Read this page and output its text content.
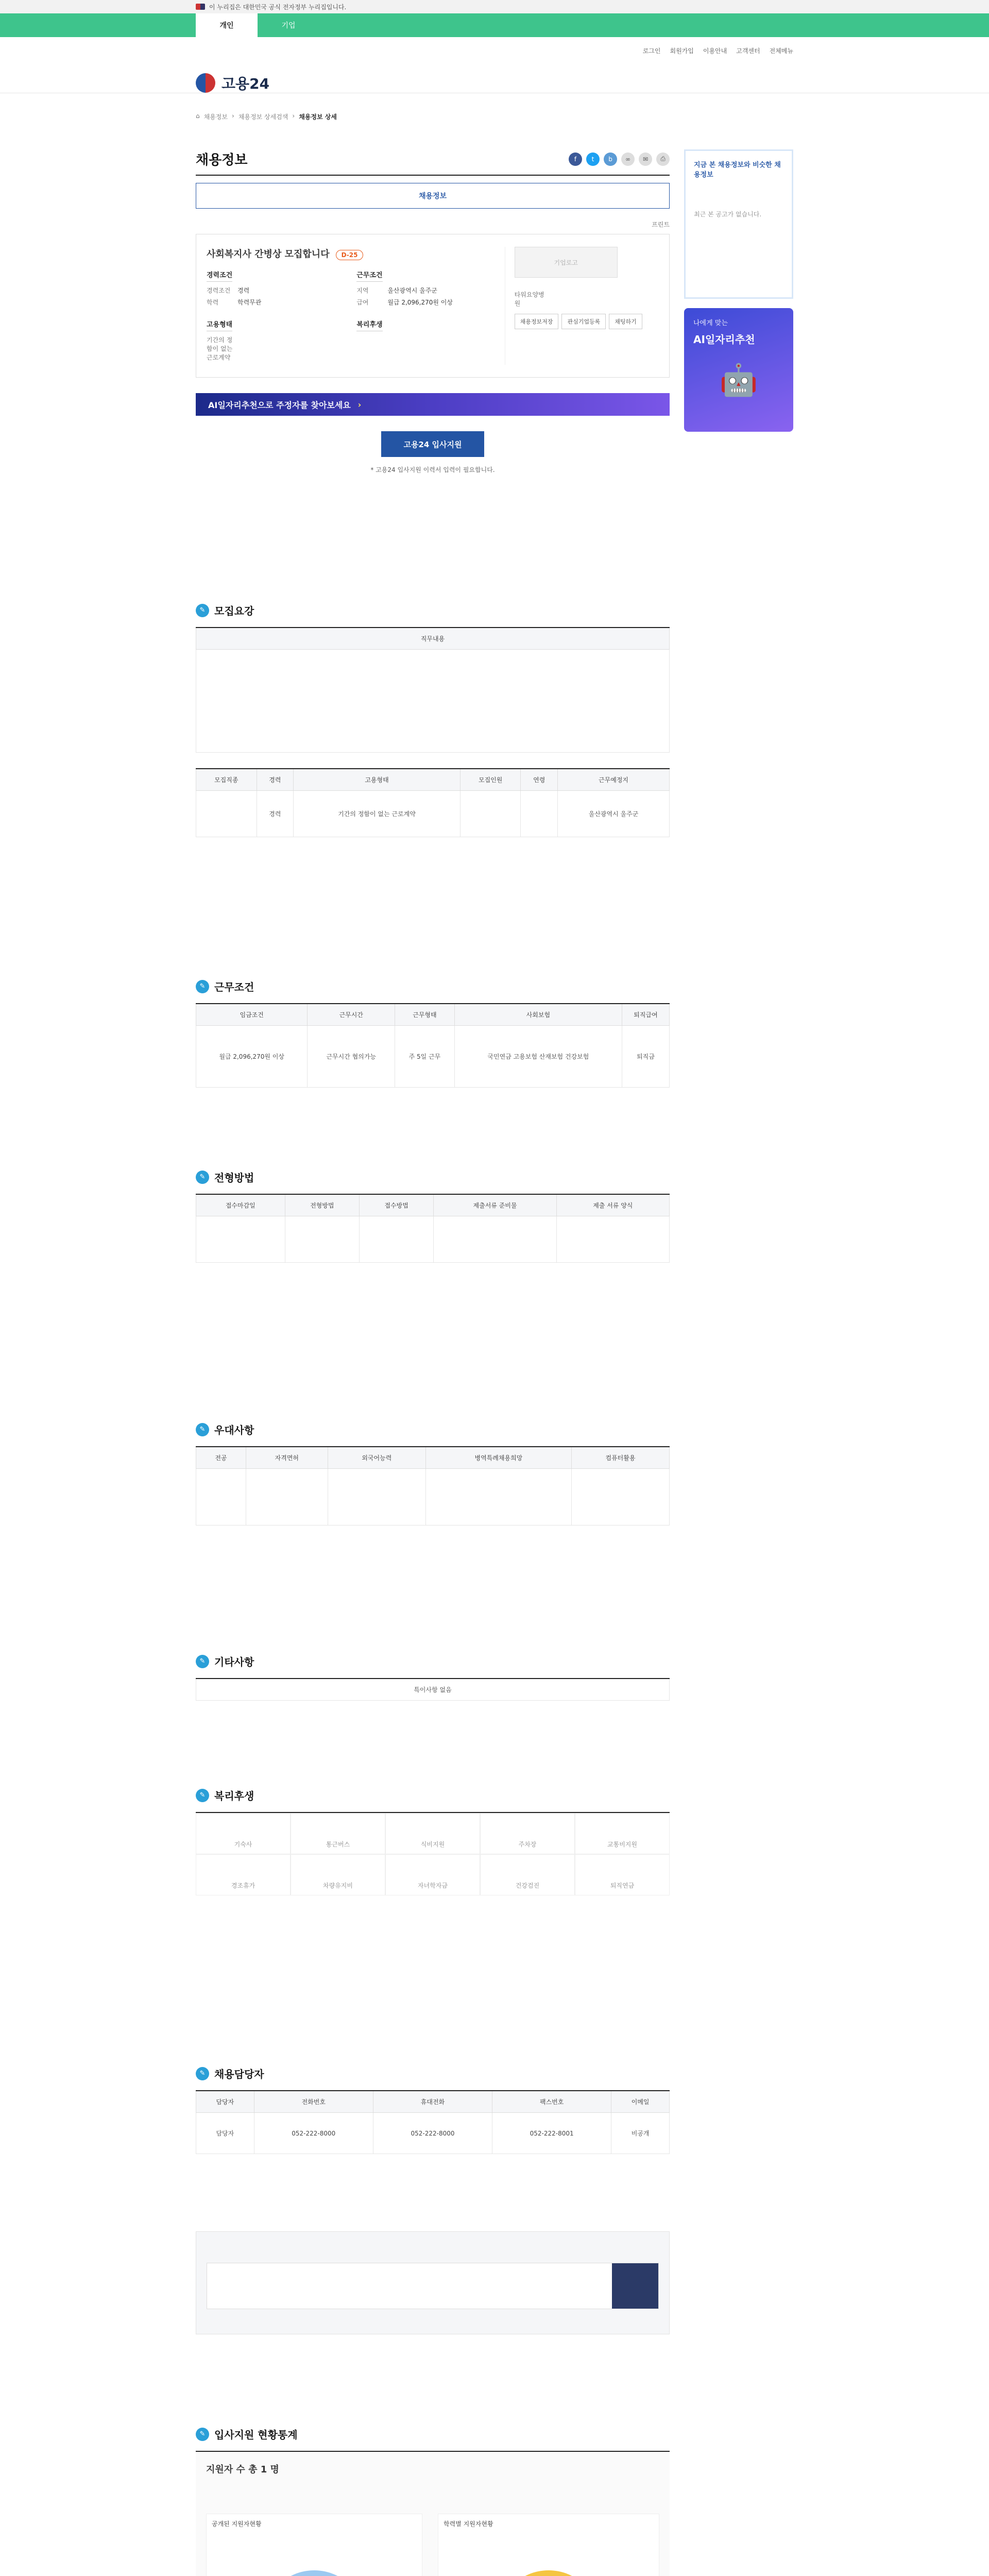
이 누리집은 대한민국 공식 전자정부 누리집입니다.
개인	기업
로그인 회원가입 이용안내 고객센터 전체메뉴
고용24
⌂ 채용정보 › 채용정보 상세검색 › 채용정보 상세
채용정보	f	t	b	∞	✉	⎙
채용정보
프린트
사회복지사 간병상 모집합니다 D-25
경력조건
경력조건	경력
학력	학력무관
근무조건
지역	울산광역시 울주군
급여	월급 2,096,270원 이상
고용형태
기간의 정함이 없는 근로계약
복리후생
기업로고
타워요양병원
채용정보저장	관심기업등록	채팅하기
AI일자리추천으로 주정자를 찾아보세요 ›
고용24 입사지원
* 고용24 입사지원 이력서 입력이 필요합니다.
지금 본 채용정보와 비슷한 채용정보
최근 본 공고가 없습니다.
나에게 맞는
AI일자리추천
🤖
✎ 모집요강
직무내용

모집직종	경력	고용형태	모집인원	연령	근무예정지
	경력	기간의 정함이 없는 근로계약			울산광역시 울주군
✎ 근무조건
임금조건	근무시간	근무형태	사회보험	퇴직급여
월급 2,096,270원 이상	근무시간 협의가능	주 5일 근무	국민연금 고용보험 산재보험 건강보험	퇴직금
✎ 전형방법
접수마감일	전형방법	접수방법	제출서류 준비물	제출 서류 양식

✎ 우대사항
전공	자격면허	외국어능력	병역특례채용희망	컴퓨터활용

✎ 기타사항
특이사항 없음
✎ 복리후생
기숙사	통근버스	식비지원	주차장	교통비지원
경조휴가	차량유지비	자녀학자금	건강검진	퇴직연금
✎ 채용담당자
담당자	전화번호	휴대전화	팩스번호	이메일
담당자	052-222-8000	052-222-8000	052-222-8001	비공개
✎ 입사지원 현황통계
지원자 수 총 1 명
공개된 지원자현황	학력별 지원자현황
